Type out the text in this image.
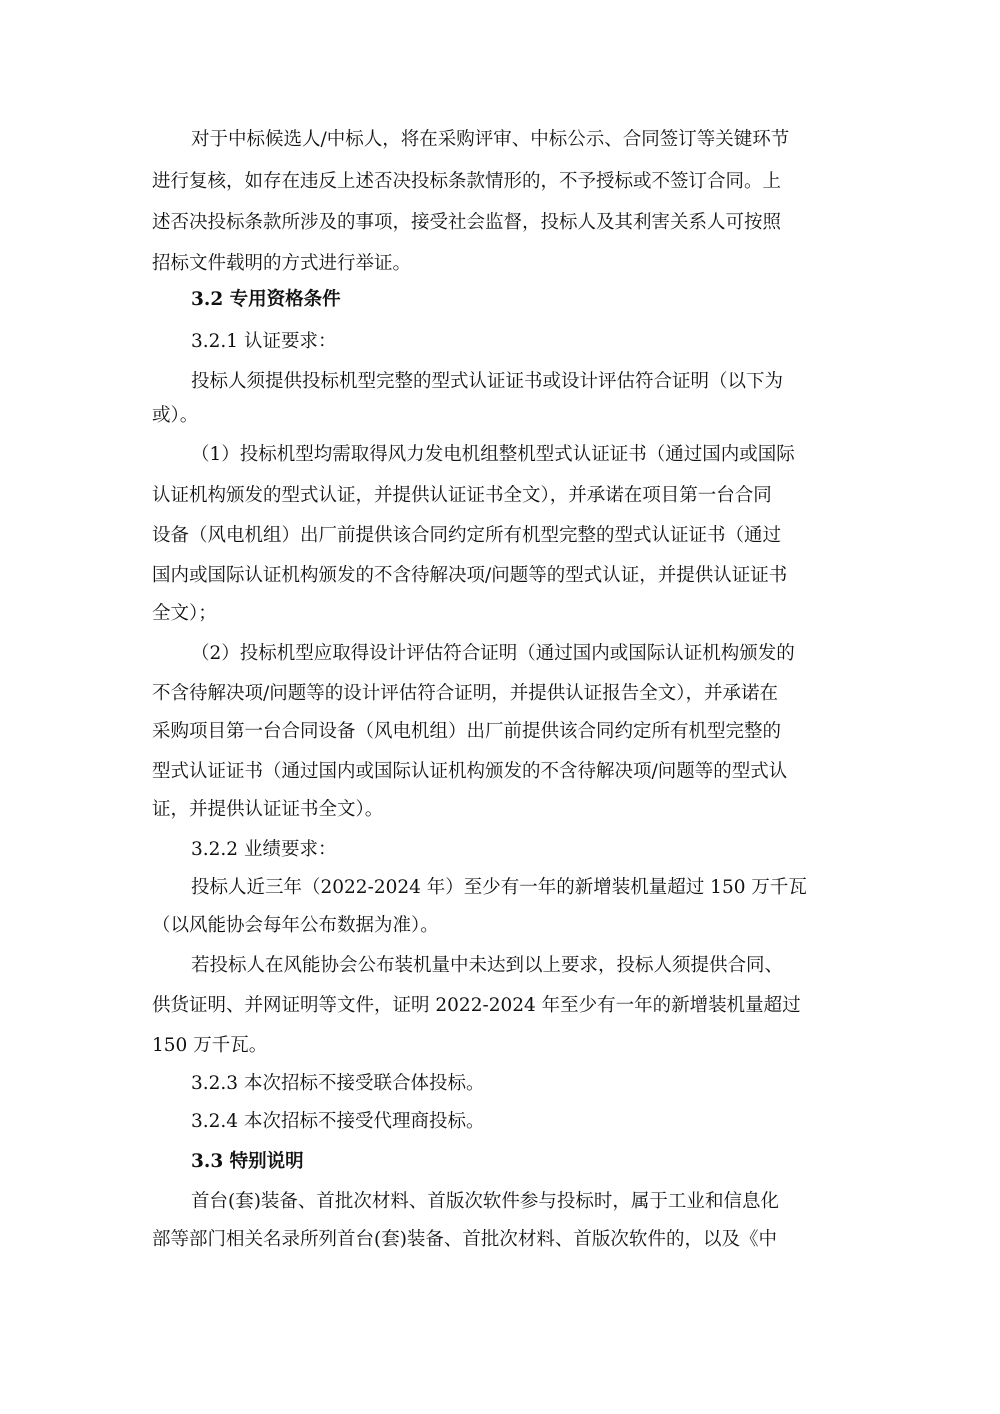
对于中标候选人/中标人，将在采购评审、中标公示、合同签订等关键环节
进行复核，如存在违反上述否决投标条款情形的，不予授标或不签订合同。上
述否决投标条款所涉及的事项，接受社会监督，投标人及其利害关系人可按照
招标文件载明的方式进行举证。
3.2 专用资格条件
3.2.1 认证要求：
投标人须提供投标机型完整的型式认证证书或设计评估符合证明（以下为
或）。
（1）投标机型均需取得风力发电机组整机型式认证证书（通过国内或国际
认证机构颁发的型式认证，并提供认证证书全文），并承诺在项目第一台合同
设备（风电机组）出厂前提供该合同约定所有机型完整的型式认证证书（通过
国内或国际认证机构颁发的不含待解决项/问题等的型式认证，并提供认证证书
全文）；
（2）投标机型应取得设计评估符合证明（通过国内或国际认证机构颁发的
不含待解决项/问题等的设计评估符合证明，并提供认证报告全文），并承诺在
采购项目第一台合同设备（风电机组）出厂前提供该合同约定所有机型完整的
型式认证证书（通过国内或国际认证机构颁发的不含待解决项/问题等的型式认
证，并提供认证证书全文）。
3.2.2 业绩要求：
投标人近三年（2022-2024 年）至少有一年的新增装机量超过 150 万千瓦
（以风能协会每年公布数据为准）。
若投标人在风能协会公布装机量中未达到以上要求，投标人须提供合同、
供货证明、并网证明等文件，证明 2022-2024 年至少有一年的新增装机量超过
150 万千瓦。
3.2.3 本次招标不接受联合体投标。
3.2.4 本次招标不接受代理商投标。
3.3 特别说明
首台(套)装备、首批次材料、首版次软件参与投标时，属于工业和信息化
部等部门相关名录所列首台(套)装备、首批次材料、首版次软件的，以及《中
